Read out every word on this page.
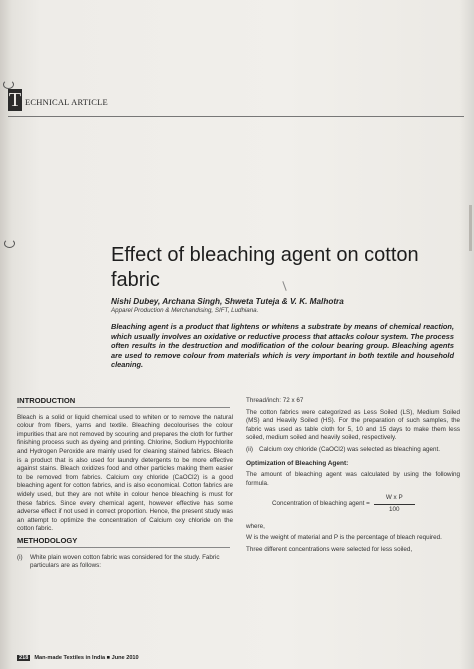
T ECHNICAL ARTICLE
Effect of bleaching agent on cotton fabric
Nishi Dubey, Archana Singh, Shweta Tuteja & V. K. Malhotra
Apparel Production & Merchandising, SIFT, Ludhiana.
Bleaching agent is a product that lightens or whitens a substrate by means of chemical reaction, which usually involves an oxidative or reductive process that attacks colour system. The process often results in the destruction and modification of the colour bearing group. Bleaching agents are used to remove colour from materials which is very important in both textile and household cleaning.
INTRODUCTION

Bleach is a solid or liquid chemical used to whiten or to remove the natural colour from fibers, yarns and textile. Bleaching decolourises the colour impurities that are not removed by scouring and prepares the cloth for further finishing process such as dyeing and printing. Chlorine, Sodium Hypochlorite and Hydrogen Peroxide are mainly used for cleaning stained fabrics. Bleach is a product that is also used for laundry detergents to be more effective against stains. Bleach oxidizes food and other particles making them easier to be removed from fabrics. Calcium oxy chloride (CaOCl2) is a good bleaching agent for cotton fabrics, and is also economical. Cotton fabrics are widely used, but they are not white in colour hence bleaching is must for these fabrics. Since every chemical agent, however effective has some adverse effect if not used in correct proportion. Hence, the present study was an attempt to optimize the concentration of Calcium oxy chloride on the cotton fabric.

METHODOLOGY
(i)	White plain woven cotton fabric was considered for the study. Fabric particulars are as follows:

Thread/inch: 72 x 67

The cotton fabrics were categorized as Less Soiled (LS), Medium Soiled (MS) and Heavily Soiled (HS). For the preparation of such samples, the fabric was used as table cloth for 5, 10 and 15 days to make them less soiled, medium soiled and heavily soiled, respectively.

(ii) Calcium oxy chloride (CaOCl2) was selected as bleaching agent.
Optimization of Bleaching Agent:

The amount of bleaching agent was calculated by using the following formula.

Concentration of bleaching agent = $\frac{\text{W x P}}{100}$

where,

W is the weight of material and P is the percentage of bleach required.

Three different concentrations were selected for less soiled,

218	Man-made Textiles in India ■ June 2010
